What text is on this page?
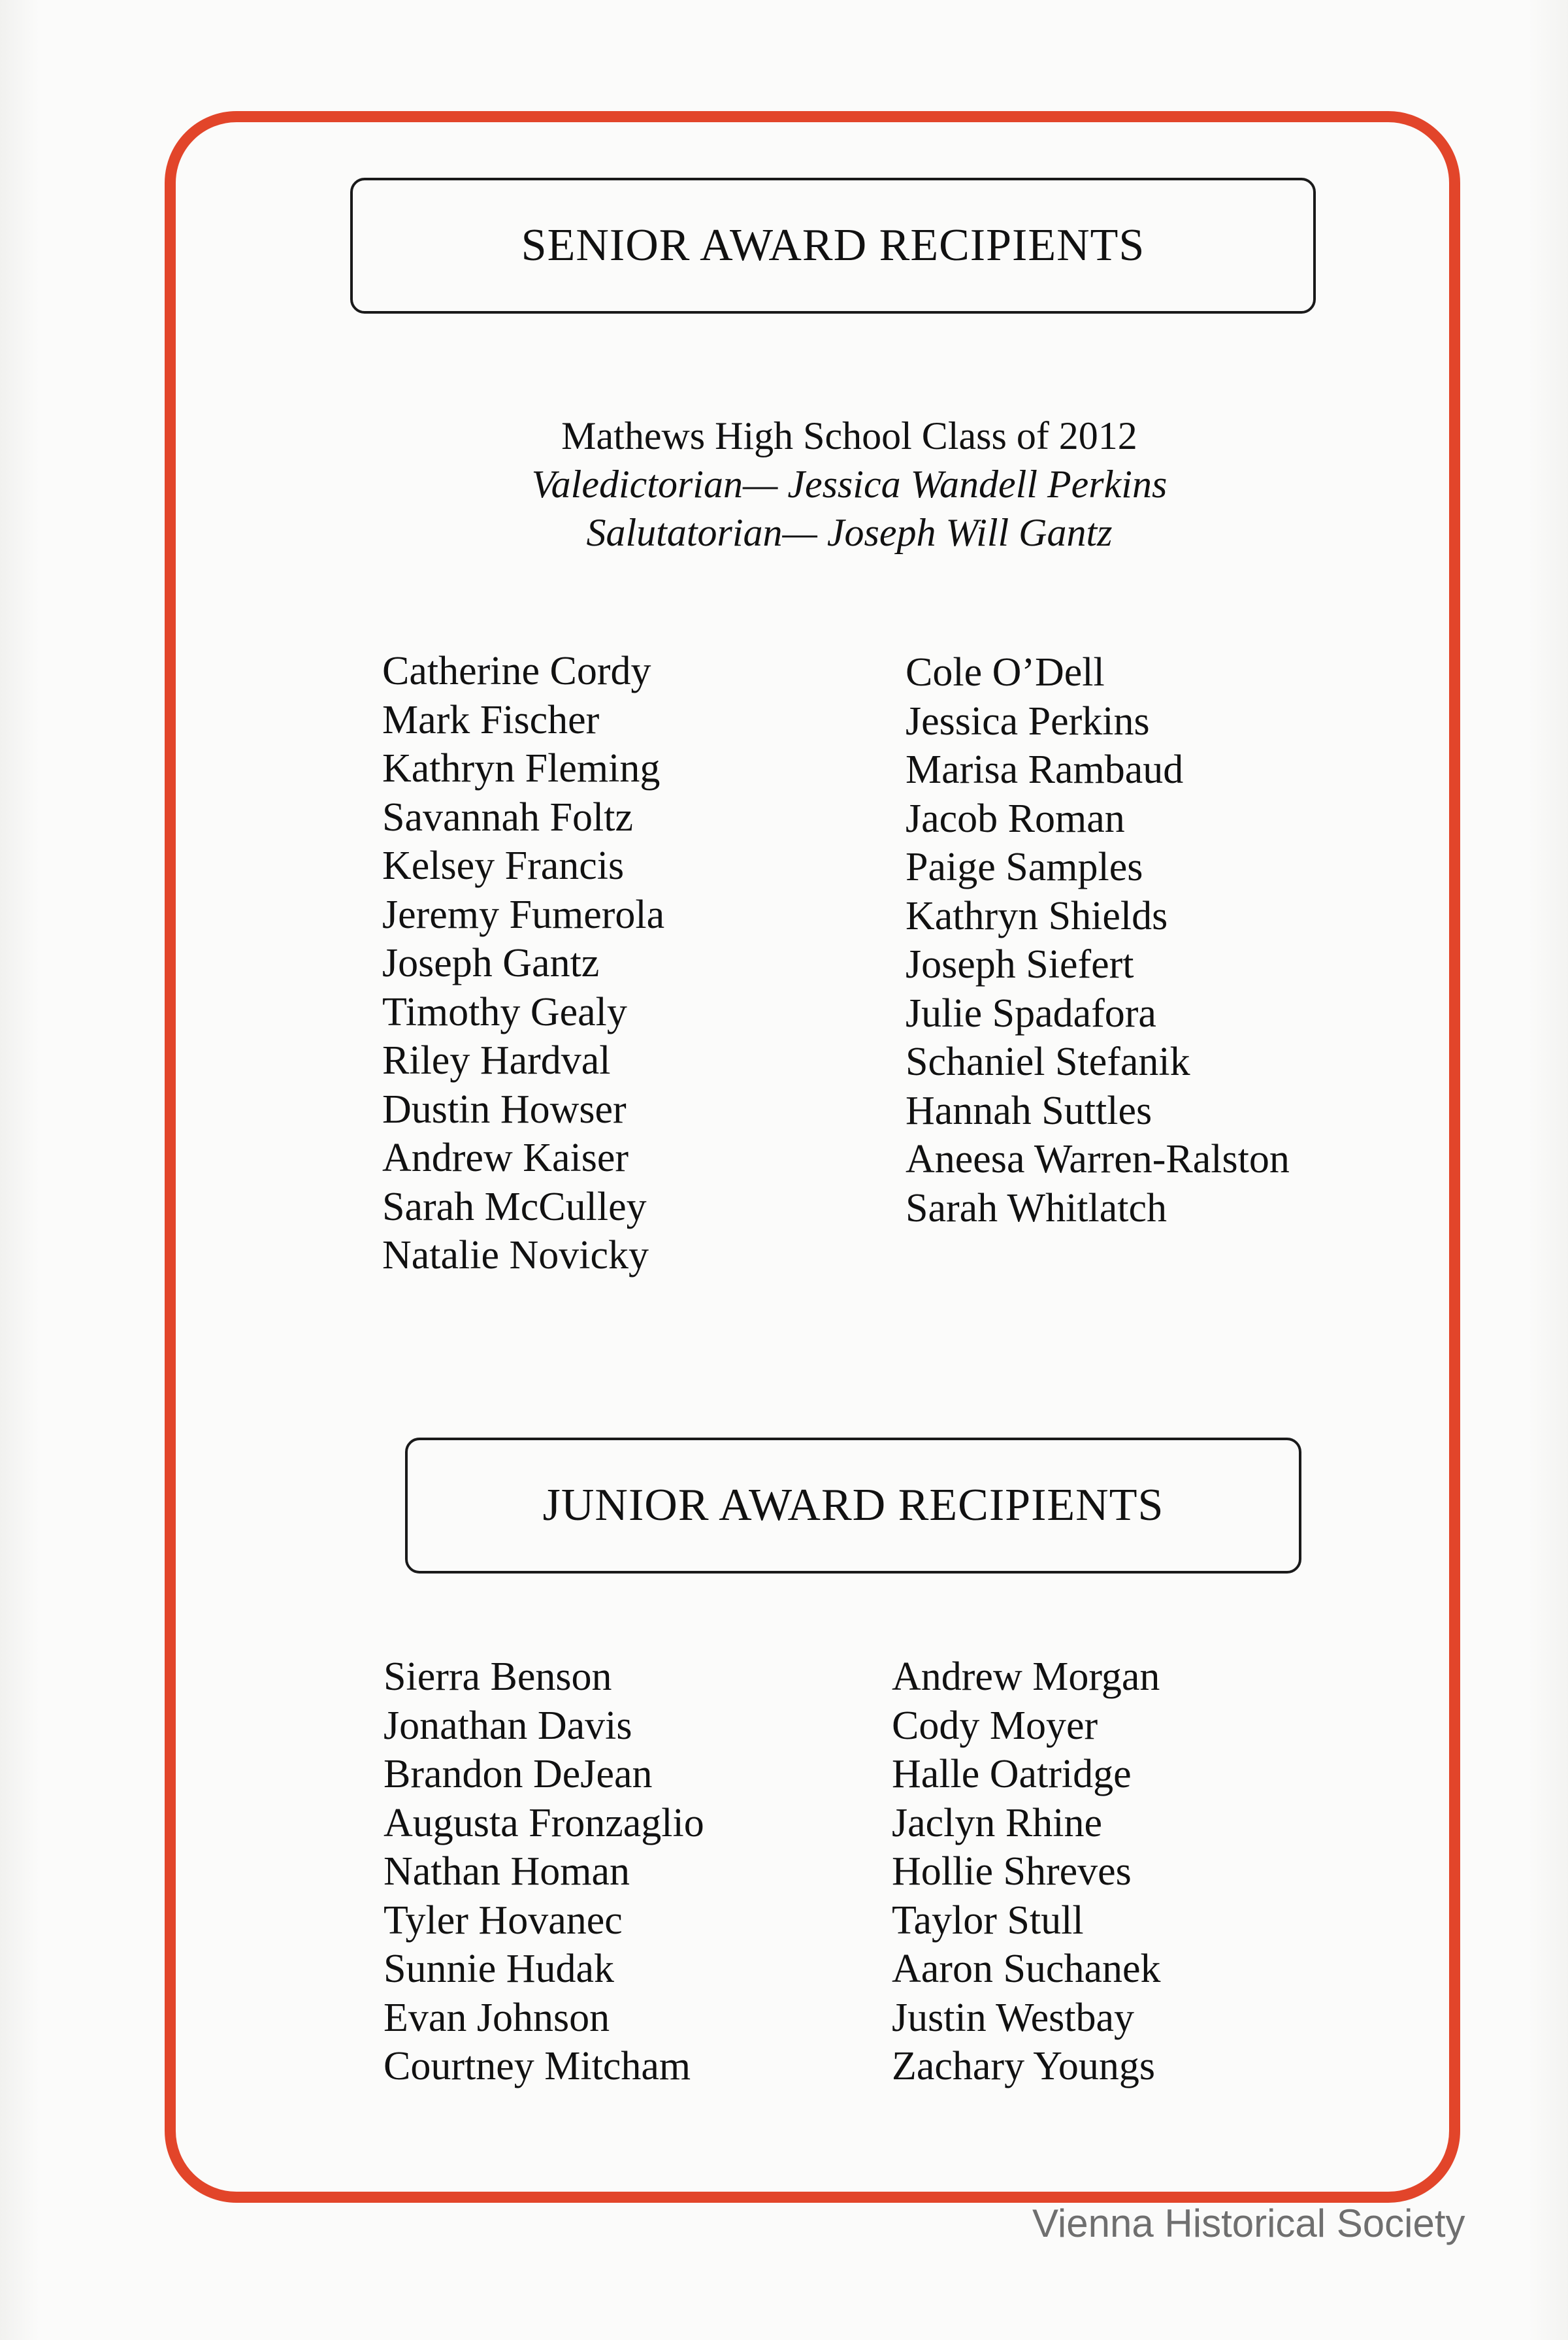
SENIOR AWARD RECIPIENTS
Mathews High School Class of 2012
Valedictorian— Jessica Wandell Perkins
Salutatorian— Joseph Will Gantz
Catherine Cordy
Mark Fischer
Kathryn Fleming
Savannah Foltz
Kelsey Francis
Jeremy Fumerola
Joseph Gantz
Timothy Gealy
Riley Hardval
Dustin Howser
Andrew Kaiser
Sarah McCulley
Natalie Novicky
Cole O’Dell
Jessica Perkins
Marisa Rambaud
Jacob Roman
Paige Samples
Kathryn Shields
Joseph Siefert
Julie Spadafora
Schaniel Stefanik
Hannah Suttles
Aneesa Warren-Ralston
Sarah Whitlatch
JUNIOR AWARD RECIPIENTS
Sierra Benson
Jonathan Davis
Brandon DeJean
Augusta Fronzaglio
Nathan Homan
Tyler Hovanec
Sunnie Hudak
Evan Johnson
Courtney Mitcham
Andrew Morgan
Cody Moyer
Halle Oatridge
Jaclyn Rhine
Hollie Shreves
Taylor Stull
Aaron Suchanek
Justin Westbay
Zachary Youngs
Vienna Historical Society
